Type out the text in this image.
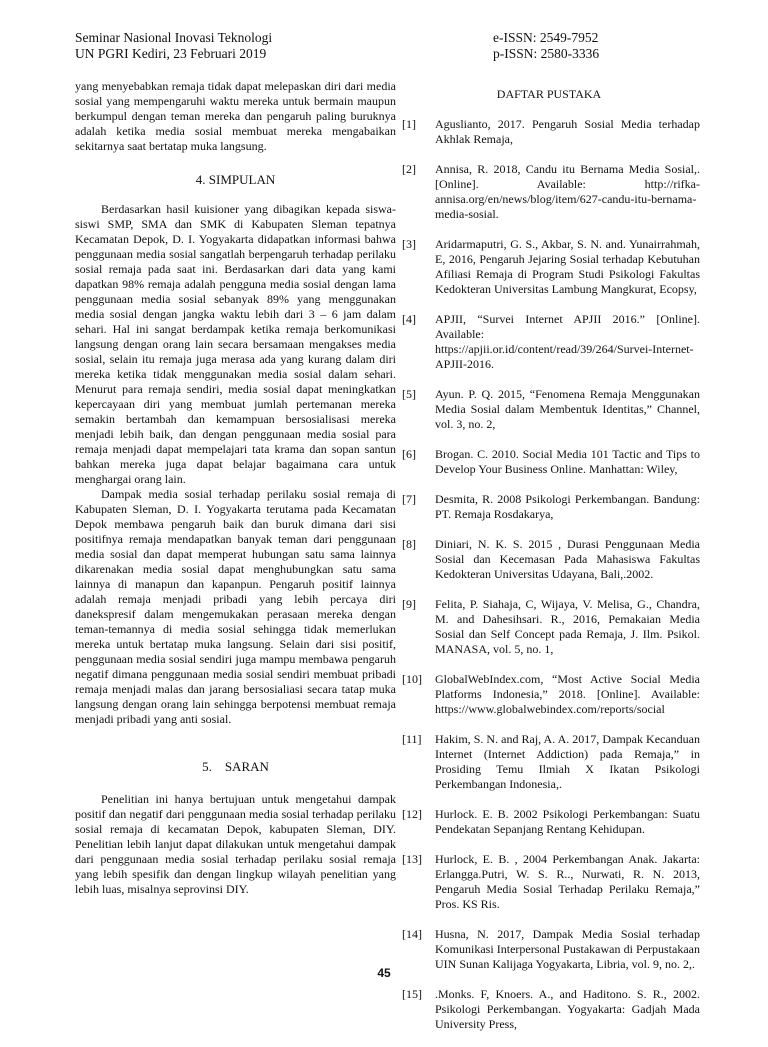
Seminar Nasional Inovasi Teknologi
UN PGRI Kediri, 23 Februari 2019
e-ISSN: 2549-7952
p-ISSN: 2580-3336

yang menyebabkan remaja tidak dapat melepaskan diri dari media sosial yang mempengaruhi waktu mereka untuk bermain maupun berkumpul dengan teman mereka dan pengaruh paling buruknya adalah ketika media sosial membuat mereka mengabaikan sekitarnya saat bertatap muka langsung.

4. SIMPULAN

Berdasarkan hasil kuisioner yang dibagikan kepada siswa-siswi SMP, SMA dan SMK di Kabupaten Sleman tepatnya Kecamatan Depok, D. I. Yogyakarta didapatkan informasi bahwa penggunaan media sosial sangatlah berpengaruh terhadap perilaku sosial remaja pada saat ini. Berdasarkan dari data yang kami dapatkan 98% remaja adalah pengguna media sosial dengan lama penggunaan media sosial sebanyak 89% yang menggunakan media sosial dengan jangka waktu lebih dari 3 – 6 jam dalam sehari. Hal ini sangat berdampak ketika remaja berkomunikasi langsung dengan orang lain secara bersamaan mengakses media sosial, selain itu remaja juga merasa ada yang kurang dalam diri mereka ketika tidak menggunakan media sosial dalam sehari. Menurut para remaja sendiri, media sosial dapat meningkatkan kepercayaan diri yang membuat jumlah pertemanan mereka semakin bertambah dan kemampuan bersosialisasi mereka menjadi lebih baik, dan dengan penggunaan media sosial para remaja menjadi dapat mempelajari tata krama dan sopan santun bahkan mereka juga dapat belajar bagaimana cara untuk menghargai orang lain.

Dampak media sosial terhadap perilaku sosial remaja di Kabupaten Sleman, D. I. Yogyakarta terutama pada Kecamatan Depok membawa pengaruh baik dan buruk dimana dari sisi positifnya remaja mendapatkan banyak teman dari penggunaan media sosial dan dapat memperat hubungan satu sama lainnya dikarenakan media sosial dapat menghubungkan satu sama lainnya di manapun dan kapanpun. Pengaruh positif lainnya adalah remaja menjadi pribadi yang lebih percaya diri danekspresif dalam mengemukakan perasaan mereka dengan teman-temannya di media sosial sehingga tidak memerlukan mereka untuk bertatap muka langsung. Selain dari sisi positif, penggunaan media sosial sendiri juga mampu membawa pengaruh negatif dimana penggunaan media sosial sendiri membuat pribadi remaja menjadi malas dan jarang bersosialiasi secara tatap muka langsung dengan orang lain sehingga berpotensi membuat remaja menjadi pribadi yang anti sosial.

5.    SARAN

Penelitian ini hanya bertujuan untuk mengetahui dampak positif dan negatif dari penggunaan media sosial terhadap perilaku sosial remaja di kecamatan Depok, kabupaten Sleman, DIY. Penelitian lebih lanjut dapat dilakukan untuk mengetahui dampak dari penggunaan media sosial terhadap perilaku sosial remaja yang lebih spesifik dan dengan lingkup wilayah penelitian yang lebih luas, misalnya seprovinsi DIY.

DAFTAR PUSTAKA
[1]	Aguslianto, 2017. Pengaruh Sosial Media terhadap Akhlak Remaja,
[2]	Annisa, R. 2018, Candu itu Bernama Media Sosial,. [Online]. Available: http://rifka-annisa.org/en/news/blog/item/627-candu-itu-bernama-media-sosial.
[3]	Aridarmaputri, G. S., Akbar, S. N. and. Yunairrahmah, E, 2016, Pengaruh Jejaring Sosial terhadap Kebutuhan Afiliasi Remaja di Program Studi Psikologi Fakultas Kedokteran Universitas Lambung Mangkurat, Ecopsy,
[4]	APJII, “Survei Internet APJII 2016.” [Online]. Available: https://apjii.or.id/content/read/39/264/Survei-Internet-APJII-2016.
[5]	Ayun. P. Q. 2015, “Fenomena Remaja Menggunakan Media Sosial dalam Membentuk Identitas,” Channel, vol. 3, no. 2,
[6]	Brogan. C. 2010. Social Media 101 Tactic and Tips to Develop Your Business Online. Manhattan: Wiley,
[7]	Desmita, R. 2008 Psikologi Perkembangan. Bandung: PT. Remaja Rosdakarya,
[8]	Diniari, N. K. S. 2015 , Durasi Penggunaan Media Sosial dan Kecemasan Pada Mahasiswa Fakultas Kedokteran Universitas Udayana, Bali,.2002.
[9]	Felita, P. Siahaja, C, Wijaya, V. Melisa, G., Chandra, M. and Dahesihsari. R., 2016, Pemakaian Media Sosial dan Self Concept pada Remaja, J. Ilm. Psikol. MANASA, vol. 5, no. 1,
[10]	GlobalWebIndex.com, “Most Active Social Media Platforms Indonesia,” 2018. [Online]. Available: https://www.globalwebindex.com/reports/social
[11]	Hakim, S. N. and Raj, A. A. 2017, Dampak Kecanduan Internet (Internet Addiction) pada Remaja,” in Prosiding Temu Ilmiah X Ikatan Psikologi Perkembangan Indonesia,.
[12]	Hurlock. E. B. 2002 Psikologi Perkembangan: Suatu Pendekatan Sepanjang Rentang Kehidupan.
[13]	Hurlock, E. B. , 2004 Perkembangan Anak. Jakarta: Erlangga.Putri, W. S. R.., Nurwati, R. N. 2013, Pengaruh Media Sosial Terhadap Perilaku Remaja,” Pros. KS Ris.
[14]	Husna, N. 2017, Dampak Media Sosial terhadap Komunikasi Interpersonal Pustakawan di Perpustakaan UIN Sunan Kalijaga Yogyakarta, Libria, vol. 9, no. 2,.
[15]	.Monks. F, Knoers. A., and Haditono. S. R., 2002. Psikologi Perkembangan. Yogyakarta: Gadjah Mada University Press,
45
